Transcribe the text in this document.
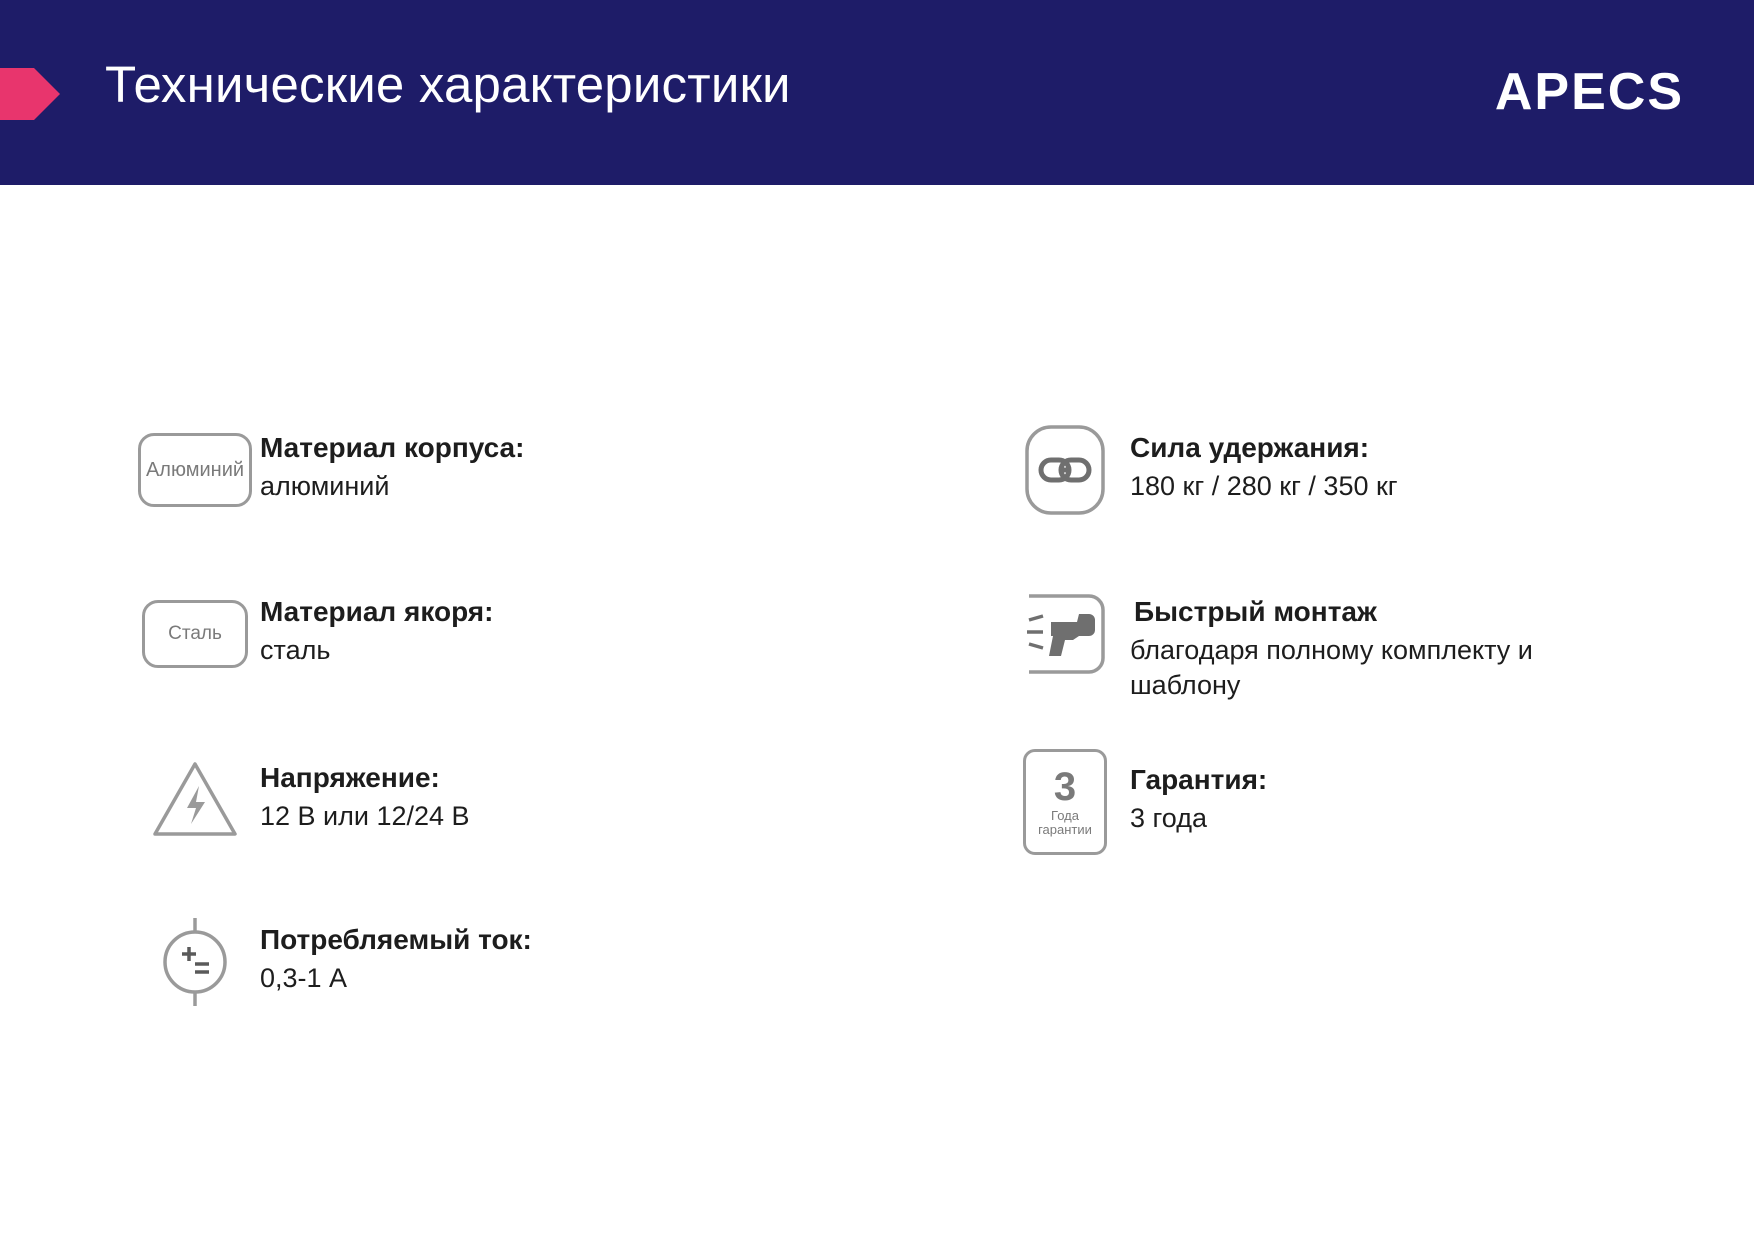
Технические характеристики	APECS
Алюминий
Материал корпуса:
алюминий
Сталь
Материал якоря:
сталь
Напряжение:
12 В или 12/24 В
Потребляемый ток:
0,3-1 А
Сила удержания:
180 кг / 280 кг / 350 кг
Быстрый монтаж
благодаря полному комплекту и шаблону
3
Года
гарантии
Гарантия:
3 года
